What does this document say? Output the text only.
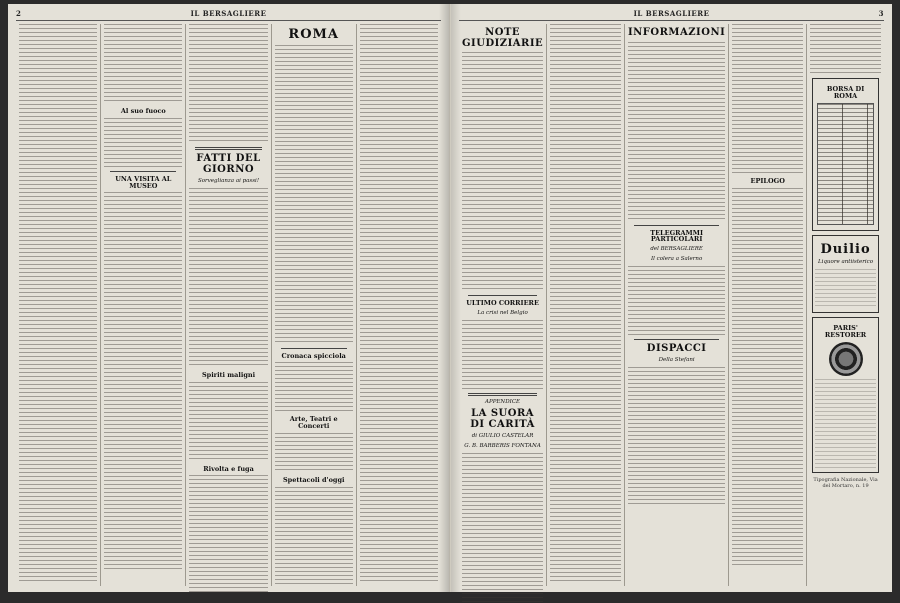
2	IL BERSAGLIERE
Al suo fuoco
UNA VISITA AL MUSEO
FATTI DEL GIORNO
Sorveglianza ai passi!
Spiriti maligni
Rivolta e fuga
ROMA
Cronaca spicciola
Arte, Teatri e Concerti
Spettacoli d'oggi
IL BERSAGLIERE	3
NOTE GIUDIZIARIE
ULTIMO CORRIERE
La crisi nel Belgio
APPENDICE
LA SUORA DI CARITÀ
di GIULIO CASTELAR
G. B. BARBERIS FONTANA
INFORMAZIONI
TELEGRAMMI PARTICOLARI
del BERSAGLIERE
Il colera a Salerno
DISPACCI
Della Stefani
EPILOGO
BORSA DI ROMA
Duilio
Liquore antiisterico
PARIS' RESTORER
Tipografia Nazionale, Via del Mortaro, n. 19
